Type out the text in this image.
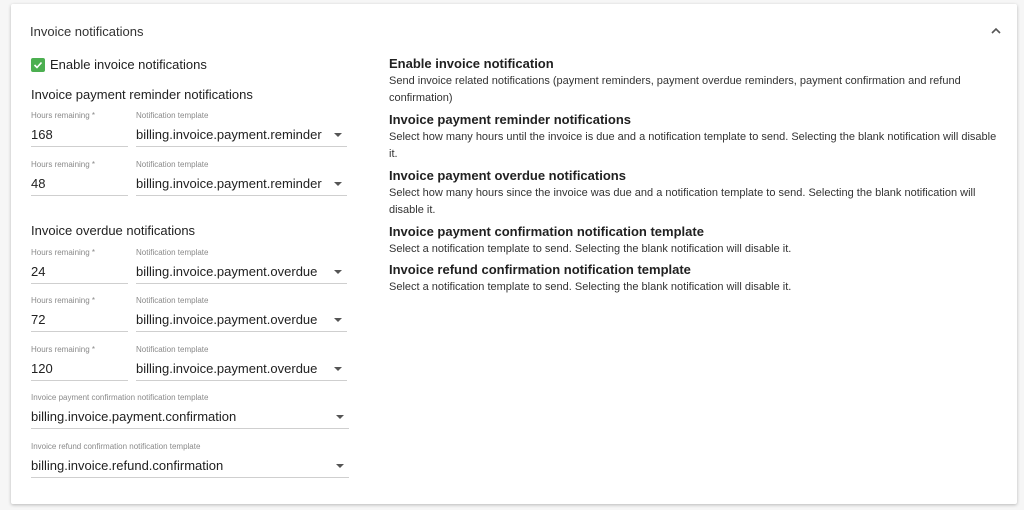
Invoice notifications
Enable invoice notifications
Invoice payment reminder notifications
Hours remaining *
168
Notification template
billing.invoice.payment.reminder
Hours remaining *
48
Notification template
billing.invoice.payment.reminder
Invoice overdue notifications
Hours remaining *
24
Notification template
billing.invoice.payment.overdue
Hours remaining *
72
Notification template
billing.invoice.payment.overdue
Hours remaining *
120
Notification template
billing.invoice.payment.overdue
Invoice payment confirmation notification template
billing.invoice.payment.confirmation
Invoice refund confirmation notification template
billing.invoice.refund.confirmation
Enable invoice notification

Send invoice related notifications (payment reminders, payment overdue reminders, payment confirmation and refund confirmation)

Invoice payment reminder notifications

Select how many hours until the invoice is due and a notification template to send. Selecting the blank notification will disable it.

Invoice payment overdue notifications

Select how many hours since the invoice was due and a notification template to send. Selecting the blank notification will disable it.

Invoice payment confirmation notification template

Select a notification template to send. Selecting the blank notification will disable it.

Invoice refund confirmation notification template

Select a notification template to send. Selecting the blank notification will disable it.
